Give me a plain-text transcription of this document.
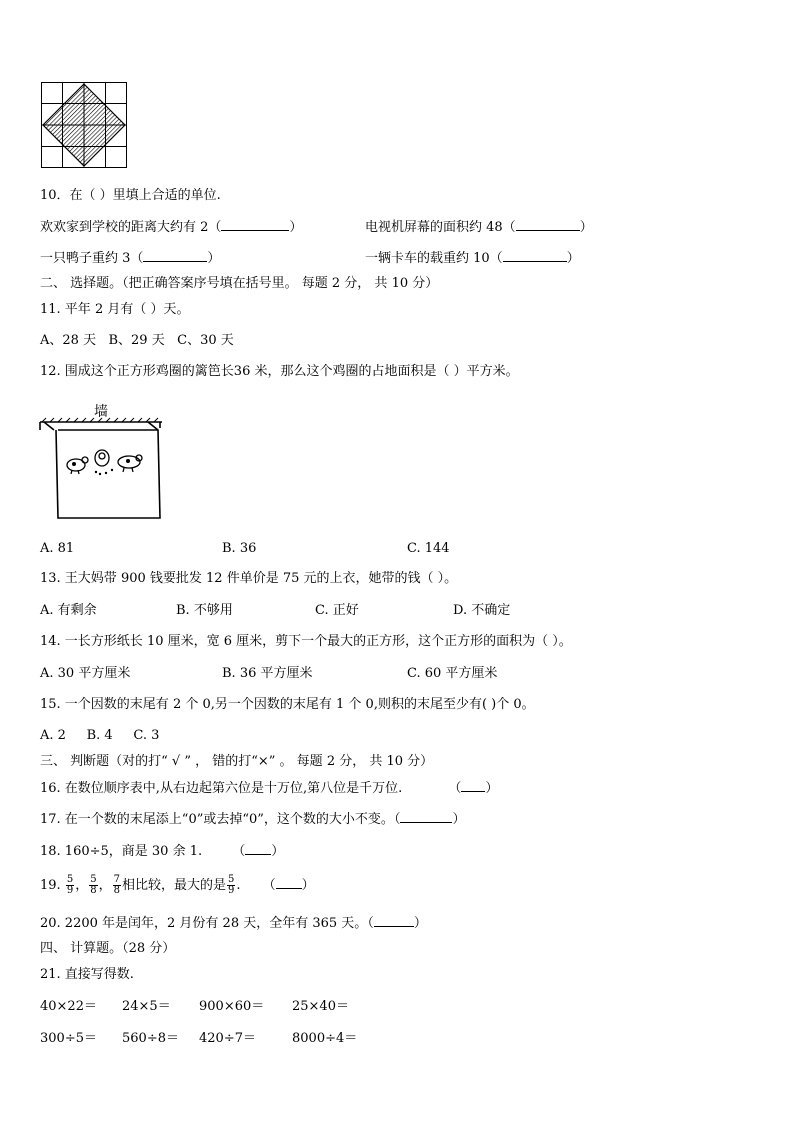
10．在（ ）里填上合适的单位.
欢欢家到学校的距离大约有 2（	）	电视机屏幕的面积约 48（	）
一只鸭子重约 3（	）	一辆卡车的载重约 10（	）
二、 选择题。（把正确答案序号填在括号里。 每题 2 分， 共 10 分）
11. 平年 2 月有（ ）天。
A、28 天 B、29 天 C、30 天
12. 围成这个正方形鸡圈的篱笆长36 米，那么这个鸡圈的占地面积是（ ）平方米。
墙
A. 81	B. 36	C. 144
13. 王大妈带 900 钱要批发 12 件单价是 75 元的上衣，她带的钱（ ）。
A. 有剩余	B. 不够用	C. 正好	D. 不确定
14. 一长方形纸长 10 厘米，宽 6 厘米，剪下一个最大的正方形，这个正方形的面积为（ ）。
A. 30 平方厘米	B. 36 平方厘米	C. 60 平方厘米
15. 一个因数的末尾有 2 个 0,另一个因数的末尾有 1 个 0,则积的末尾至少有( )个 0。
A. 2 B. 4 C. 3
三、 判断题（对的打“ √ ” ， 错的打“×” 。 每题 2 分， 共 10 分）
16. 在数位顺序表中,从右边起第六位是十万位,第八位是千万位.	（ ）
17. 在一个数的末尾添上“0”或去掉“0”，这个数的大小不变。（	）
18. 160÷5，商是 30 余 1. （ ）
19. $\frac{5}{9}$ ， $\frac{5}{8}$ ， $\frac{7}{8}$ 相比较，最大的是 $\frac{5}{9}$ . （ ）
20. 2200 年是闰年，2 月份有 28 天，全年有 365 天。（	）
四、 计算题。（28 分）
21. 直接写得数.
40×22＝ 24×5＝ 900×60＝ 25×40＝
300÷5＝ 560÷8＝ 420÷7＝	8000÷4＝
